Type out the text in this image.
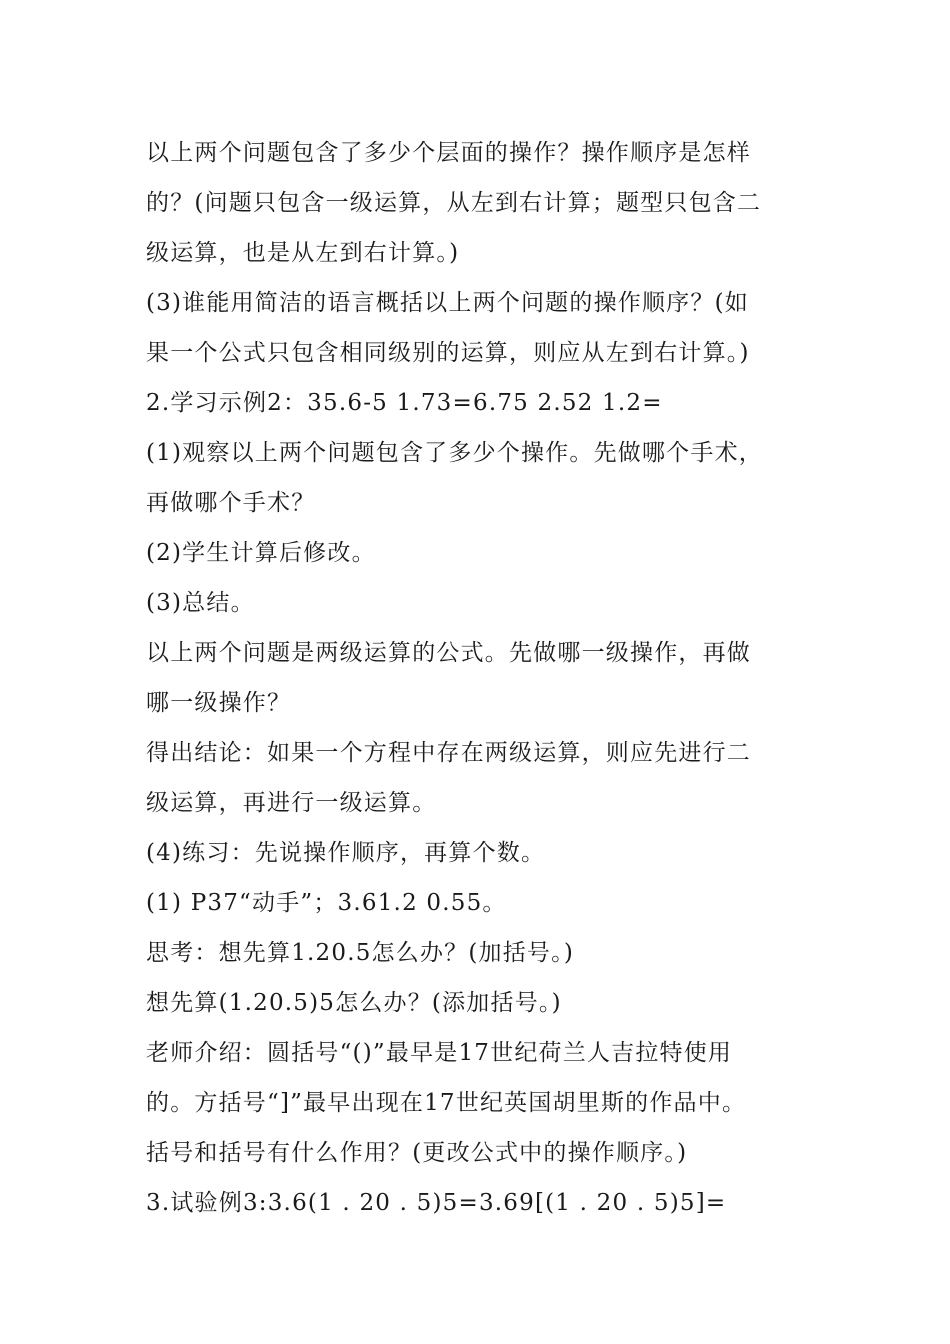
以上两个问题包含了多少个层面的操作？操作顺序是怎样
的？(问题只包含一级运算，从左到右计算；题型只包含二
级运算，也是从左到右计算。)
(3)谁能用简洁的语言概括以上两个问题的操作顺序？(如
果一个公式只包含相同级别的运算，则应从左到右计算。)
2.学习示例2：35.6-5 1.73=6.75 2.52 1.2=
(1)观察以上两个问题包含了多少个操作。先做哪个手术，
再做哪个手术？
(2)学生计算后修改。
(3)总结。
以上两个问题是两级运算的公式。先做哪一级操作，再做
哪一级操作？
得出结论：如果一个方程中存在两级运算，则应先进行二
级运算，再进行一级运算。
(4)练习：先说操作顺序，再算个数。
(1) P37“动手”；3.61.2 0.55。
思考：想先算1.20.5怎么办？(加括号。)
想先算(1.20.5)5怎么办？(添加括号。)
老师介绍：圆括号“()”最早是17世纪荷兰人吉拉特使用
的。方括号“]”最早出现在17世纪英国胡里斯的作品中。
括号和括号有什么作用？(更改公式中的操作顺序。)
3.试验例3:3.6(1 . 20 . 5)5=3.69[(1 . 20 . 5)5]=
